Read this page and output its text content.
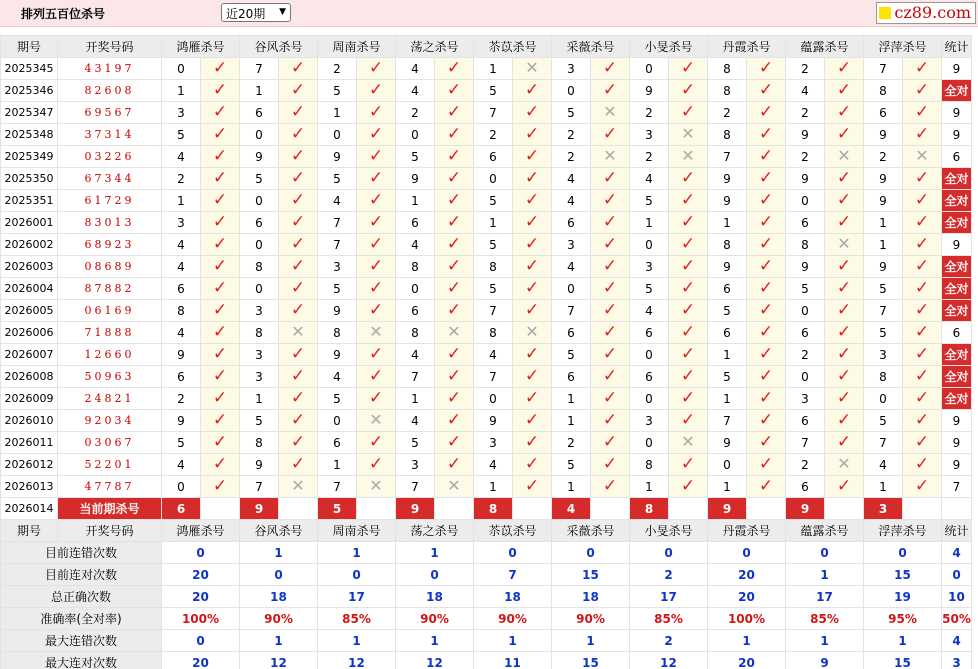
排列五百位杀号	近20期 ▼	cz89.com
期号	开奖号码	鸿雁杀号		谷风杀号		周南杀号		荡之杀号		苶苡杀号		采薇杀号		小旻杀号		丹霞杀号		蕴露杀号		浮萍杀号		统计
2025345	43197	0	✓	7	✓	2	✓	4	✓	1	✕	3	✓	0	✓	8	✓	2	✓	7	✓	9
2025346	82608	1	✓	1	✓	5	✓	4	✓	5	✓	0	✓	9	✓	8	✓	4	✓	8	✓	全对
2025347	69567	3	✓	6	✓	1	✓	2	✓	7	✓	5	✕	2	✓	2	✓	2	✓	6	✓	9
2025348	37314	5	✓	0	✓	0	✓	0	✓	2	✓	2	✓	3	✕	8	✓	9	✓	9	✓	9
2025349	03226	4	✓	9	✓	9	✓	5	✓	6	✓	2	✕	2	✕	7	✓	2	✕	2	✕	6
2025350	67344	2	✓	5	✓	5	✓	9	✓	0	✓	4	✓	4	✓	9	✓	9	✓	9	✓	全对
2025351	61729	1	✓	0	✓	4	✓	1	✓	5	✓	4	✓	5	✓	9	✓	0	✓	9	✓	全对
2026001	83013	3	✓	6	✓	7	✓	6	✓	1	✓	6	✓	1	✓	1	✓	6	✓	1	✓	全对
2026002	68923	4	✓	0	✓	7	✓	4	✓	5	✓	3	✓	0	✓	8	✓	8	✕	1	✓	9
2026003	08689	4	✓	8	✓	3	✓	8	✓	8	✓	4	✓	3	✓	9	✓	9	✓	9	✓	全对
2026004	87882	6	✓	0	✓	5	✓	0	✓	5	✓	0	✓	5	✓	6	✓	5	✓	5	✓	全对
2026005	06169	8	✓	3	✓	9	✓	6	✓	7	✓	7	✓	4	✓	5	✓	0	✓	7	✓	全对
2026006	71888	4	✓	8	✕	8	✕	8	✕	8	✕	6	✓	6	✓	6	✓	6	✓	5	✓	6
2026007	12660	9	✓	3	✓	9	✓	4	✓	4	✓	5	✓	0	✓	1	✓	2	✓	3	✓	全对
2026008	50963	6	✓	3	✓	4	✓	7	✓	7	✓	6	✓	6	✓	5	✓	0	✓	8	✓	全对
2026009	24821	2	✓	1	✓	5	✓	1	✓	0	✓	1	✓	0	✓	1	✓	3	✓	0	✓	全对
2026010	92034	9	✓	5	✓	0	✕	4	✓	9	✓	1	✓	3	✓	7	✓	6	✓	5	✓	9
2026011	03067	5	✓	8	✓	6	✓	5	✓	3	✓	2	✓	0	✕	9	✓	7	✓	7	✓	9
2026012	52201	4	✓	9	✓	1	✓	3	✓	4	✓	5	✓	8	✓	0	✓	2	✕	4	✓	9
2026013	47787	0	✓	7	✕	7	✕	7	✕	1	✓	1	✓	1	✓	1	✓	6	✓	1	✓	7
2026014	当前期杀号	6		9		5		9		8		4		8		9		9		3		
期号	开奖号码	鸿雁杀号		谷风杀号		周南杀号		荡之杀号		苶苡杀号		采薇杀号		小旻杀号		丹霞杀号		蕴露杀号		浮萍杀号		统计
目前连错次数		0		1		1		1		0		0		0		0		0		0		4
目前连对次数		20		0		0		0		7		15		2		20		1		15		0
总正确次数		20		18		17		18		18		18		17		20		17		19		10
准确率(全对率)		100%		90%		85%		90%		90%		90%		85%		100%		85%		95%		50%
最大连错次数		0		1		1		1		1		1		2		1		1		1		4
最大连对次数		20		12		12		12		11		15		12		20		9		15		3
